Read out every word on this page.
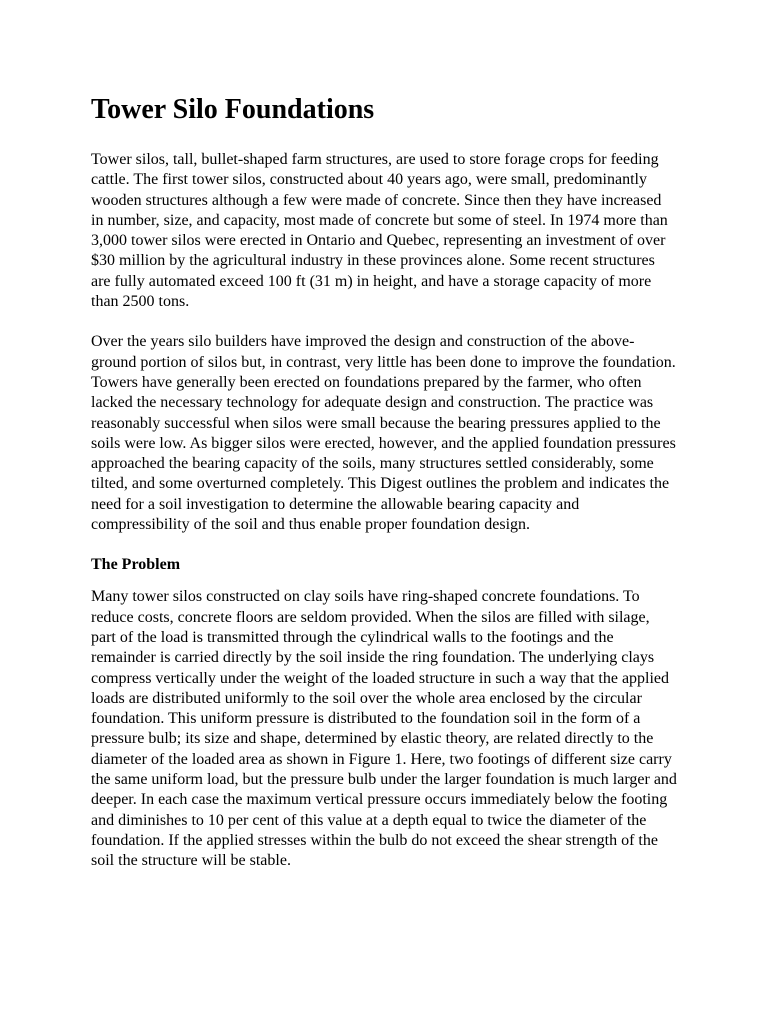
Tower Silo Foundations

Tower silos, tall, bullet-shaped farm structures, are used to store forage crops for feeding cattle. The first tower silos, constructed about 40 years ago, were small, predominantly wooden structures although a few were made of concrete. Since then they have increased in number, size, and capacity, most made of concrete but some of steel. In 1974 more than 3,000 tower silos were erected in Ontario and Quebec, representing an investment of over $30 million by the agricultural industry in these provinces alone. Some recent structures are fully automated exceed 100 ft (31 m) in height, and have a storage capacity of more than 2500 tons.

Over the years silo builders have improved the design and construction of the above-ground portion of silos but, in contrast, very little has been done to improve the foundation. Towers have generally been erected on foundations prepared by the farmer, who often lacked the necessary technology for adequate design and construction. The practice was reasonably successful when silos were small because the bearing pressures applied to the soils were low. As bigger silos were erected, however, and the applied foundation pressures approached the bearing capacity of the soils, many structures settled considerably, some tilted, and some overturned completely. This Digest outlines the problem and indicates the need for a soil investigation to determine the allowable bearing capacity and compressibility of the soil and thus enable proper foundation design.

The Problem

Many tower silos constructed on clay soils have ring-shaped concrete foundations. To reduce costs, concrete floors are seldom provided. When the silos are filled with silage, part of the load is transmitted through the cylindrical walls to the footings and the remainder is carried directly by the soil inside the ring foundation. The underlying clays compress vertically under the weight of the loaded structure in such a way that the applied loads are distributed uniformly to the soil over the whole area enclosed by the circular foundation. This uniform pressure is distributed to the foundation soil in the form of a pressure bulb; its size and shape, determined by elastic theory, are related directly to the diameter of the loaded area as shown in Figure 1. Here, two footings of different size carry the same uniform load, but the pressure bulb under the larger foundation is much larger and deeper. In each case the maximum vertical pressure occurs immediately below the footing and diminishes to 10 per cent of this value at a depth equal to twice the diameter of the foundation. If the applied stresses within the bulb do not exceed the shear strength of the soil the structure will be stable.
